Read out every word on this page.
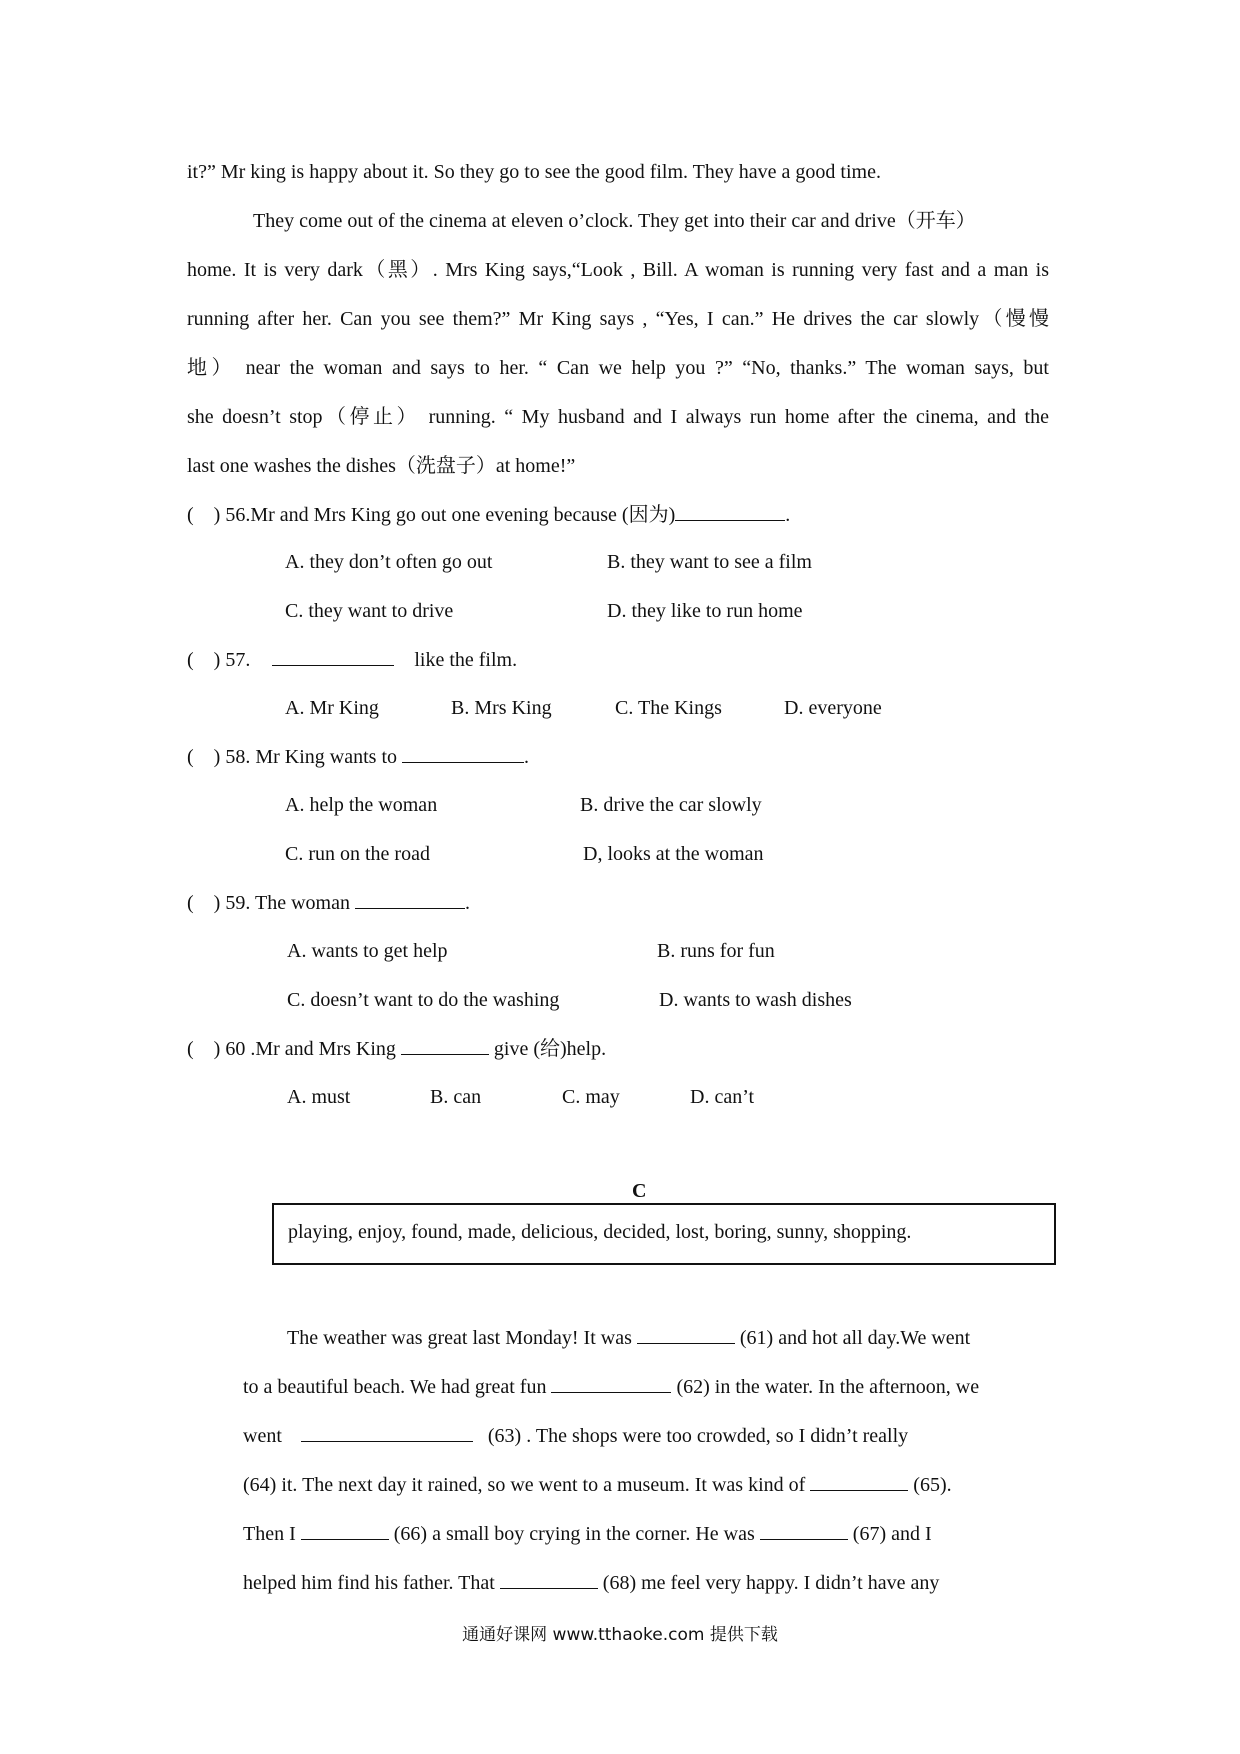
it?” Mr king is happy about it. So they go to see the good film. They have a good time.
They come out of the cinema at eleven o’clock. They get into their car and drive（开车）
home. It is very dark（黑）. Mrs King says,“Look , Bill. A woman is running very fast and a man is
running after her. Can you see them?” Mr King says , “Yes, I can.” He drives the car slowly（慢慢
地） near the woman and says to her. “ Can we help you ?” “No, thanks.” The woman says, but
she doesn’t stop（停止） running. “ My husband and I always run home after the cinema, and the
last one washes the dishes（洗盘子）at home!”
( ) 56.Mr and Mrs King go out one evening because (因为)	.
A. they don’t often go out	B. they want to see a film
C. they want to drive	D. they like to run home
( ) 57.	like the film.
A. Mr King	B. Mrs King	C. The Kings	D. everyone
( ) 58. Mr King wants to	.
A. help the woman	B. drive the car slowly
C. run on the road	D, looks at the woman
( ) 59. The woman	.
A. wants to get help	B. runs for fun
C. doesn’t want to do the washing	D. wants to wash dishes
( ) 60 .Mr and Mrs King	give (给)help.
A. must	B. can	C. may	D. can’t
C
playing, enjoy, found, made, delicious, decided, lost, boring, sunny, shopping.
The weather was great last Monday! It was	(61) and hot all day.We went
to a beautiful beach. We had great fun	(62) in the water. In the afternoon, we
went	(63) . The shops were too crowded, so I didn’t really
(64) it. The next day it rained, so we went to a museum. It was kind of	(65).
Then I	(66) a small boy crying in the corner. He was	(67) and I
helped him find his father. That	(68) me feel very happy. I didn’t have any
通通好课网 www.tthaoke.com 提供下载
